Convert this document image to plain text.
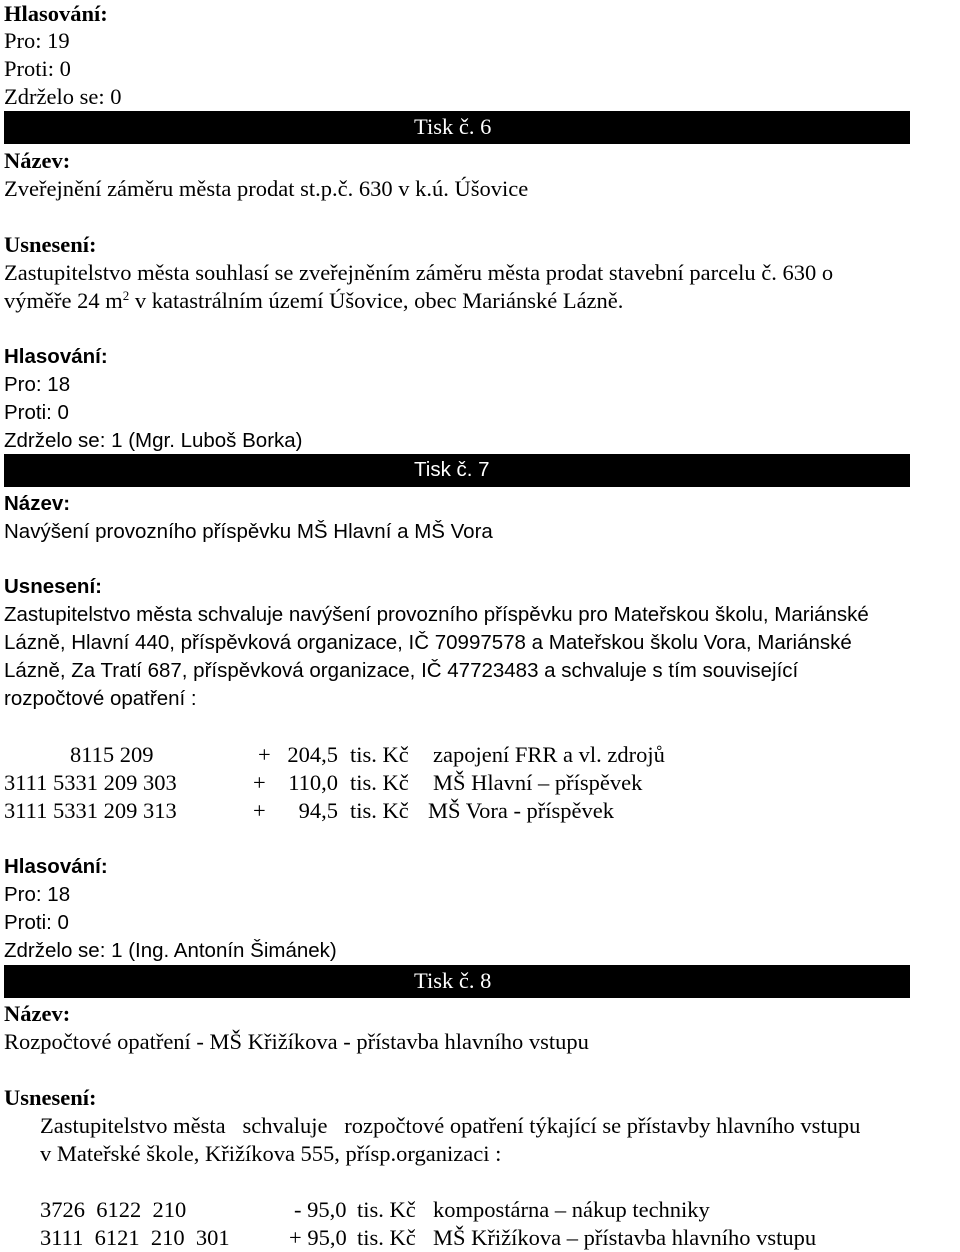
Hlasování:
Pro: 19
Proti: 0
Zdrželo se: 0
Tisk č. 6
Název:
Zveřejnění záměru města prodat st.p.č. 630 v k.ú. Úšovice
Usnesení:
Zastupitelstvo města souhlasí se zveřejněním záměru města prodat stavební parcelu č. 630 o
výměře 24 $m^2$ v katastrálním území Úšovice, obec Mariánské Lázně.
Hlasování:
Pro: 18
Proti: 0
Zdrželo se: 1 (Mgr. Luboš Borka)
Tisk č. 7
Název:
Navýšení provozního příspěvku MŠ Hlavní a MŠ Vora
Usnesení:
Zastupitelstvo města schvaluje navýšení provozního příspěvku pro Mateřskou školu, Mariánské
Lázně, Hlavní 440, příspěvková organizace, IČ 70997578 a Mateřskou školu Vora, Mariánské
Lázně, Za Tratí 687, příspěvková organizace, IČ 47723483 a schvaluje s tím související
rozpočtové opatření :
8115 209	+ 204,5 tis. Kč zapojení FRR a vl. zdrojů
3111 5331 209 303	+	110,0 tis. Kč MŠ Hlavní – příspěvek
3111 5331 209 313	+	94,5 tis. Kč MŠ Vora - příspěvek
Hlasování:
Pro: 18
Proti: 0
Zdrželo se: 1 (Ing. Antonín Šimánek)
Tisk č. 8
Název:
Rozpočtové opatření - MŠ Křižíkova - přístavba hlavního vstupu
Usnesení:
Zastupitelstvo města   schvaluje   rozpočtové opatření týkající se přístavby hlavního vstupu
v Mateřské škole, Křižíkova 555, přísp.organizaci :
3726  6122  210	- 95,0 tis. Kč kompostárna – nákup techniky
3111  6121  210  301	+ 95,0 tis. Kč MŠ Křižíkova – přístavba hlavního vstupu
